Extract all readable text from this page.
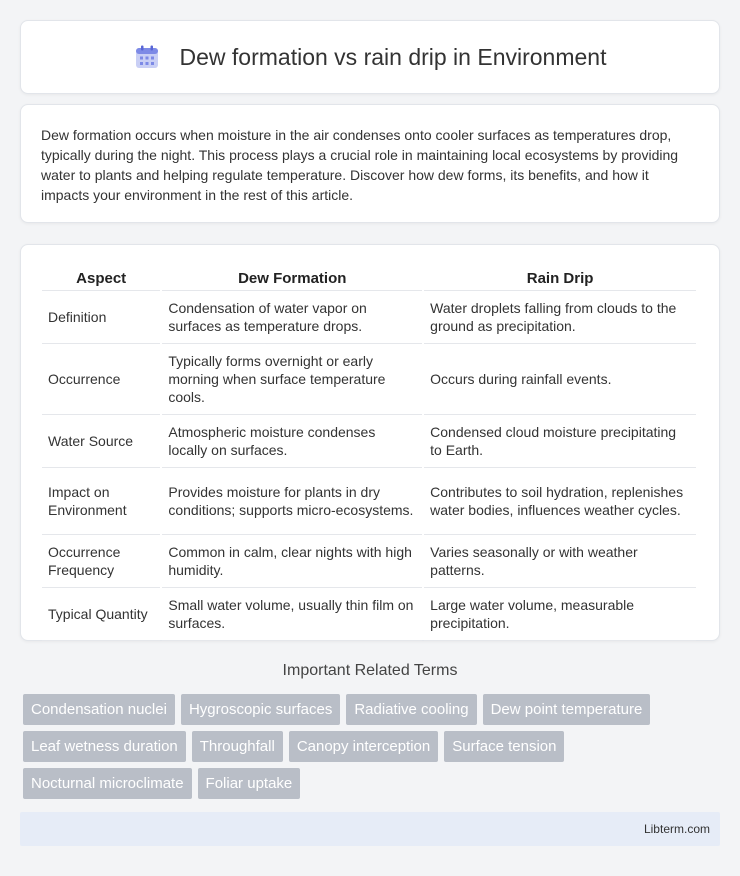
Dew formation vs rain drip in Environment

Dew formation occurs when moisture in the air condenses onto cooler surfaces as temperatures drop, typically during the night. This process plays a crucial role in maintaining local ecosystems by providing water to plants and helping regulate temperature. Discover how dew forms, its benefits, and how it impacts your environment in the rest of this article.

Aspect	Dew Formation	Rain Drip
Definition	Condensation of water vapor on surfaces as temperature drops.	Water droplets falling from clouds to the ground as precipitation.
Occurrence	Typically forms overnight or early morning when surface temperature cools.	Occurs during rainfall events.
Water Source	Atmospheric moisture condenses locally on surfaces.	Condensed cloud moisture precipitating to Earth.
Impact on Environment	Provides moisture for plants in dry conditions; supports micro-ecosystems.	Contributes to soil hydration, replenishes water bodies, influences weather cycles.
Occurrence Frequency	Common in calm, clear nights with high humidity.	Varies seasonally or with weather patterns.
Typical Quantity	Small water volume, usually thin film on surfaces.	Large water volume, measurable precipitation.
Important Related Terms
Condensation nuclei	Hygroscopic surfaces	Radiative cooling	Dew point temperature
Leaf wetness duration	Throughfall	Canopy interception	Surface tension
Nocturnal microclimate	Foliar uptake
Libterm.com
